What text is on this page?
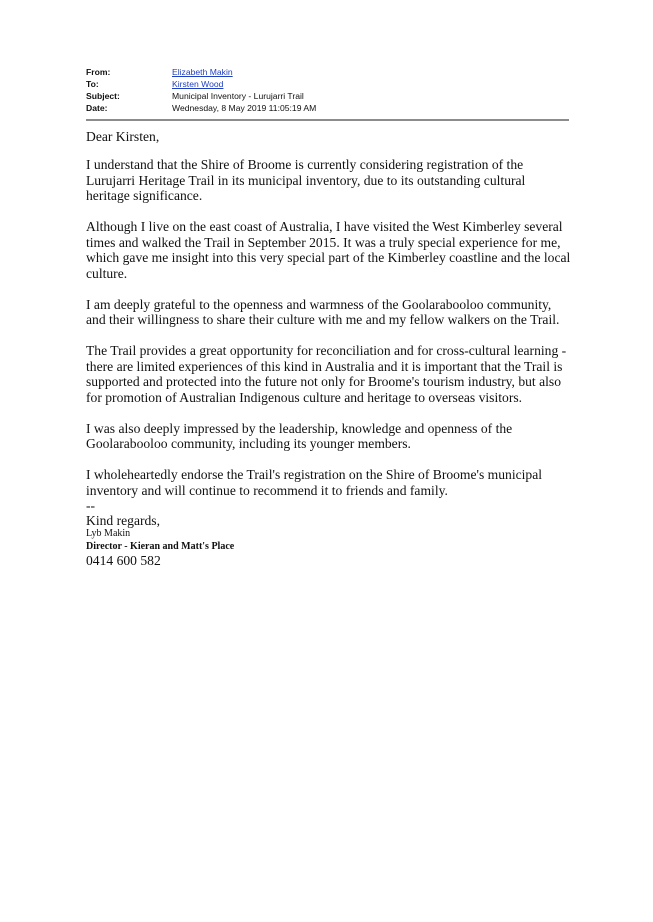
From:	Elizabeth Makin
To:	Kirsten Wood
Subject:	Municipal Inventory - Lurujarri Trail
Date:	Wednesday, 8 May 2019 11:05:19 AM

Dear Kirsten,

I understand that the Shire of Broome is currently considering registration of the Lurujarri Heritage Trail in its municipal inventory, due to its outstanding cultural heritage significance.

Although I live on the east coast of Australia, I have visited the West Kimberley several times and walked the Trail in September 2015. It was a truly special experience for me, which gave me insight into this very special part of the Kimberley coastline and the local culture.

I am deeply grateful to the openness and warmness of the Goolarabooloo community, and their willingness to share their culture with me and my fellow walkers on the Trail.

The Trail provides a great opportunity for reconciliation and for cross-cultural learning - there are limited experiences of this kind in Australia and it is important that the Trail is supported and protected into the future not only for Broome's tourism industry, but also for promotion of Australian Indigenous culture and heritage to overseas visitors.

I was also deeply impressed by the leadership, knowledge and openness of the Goolarabooloo community, including its younger members.

I wholeheartedly endorse the Trail's registration on the Shire of Broome's municipal inventory and will continue to recommend it to friends and family.

--

Kind regards,

Lyb Makin

Director - Kieran and Matt's Place

0414 600 582
